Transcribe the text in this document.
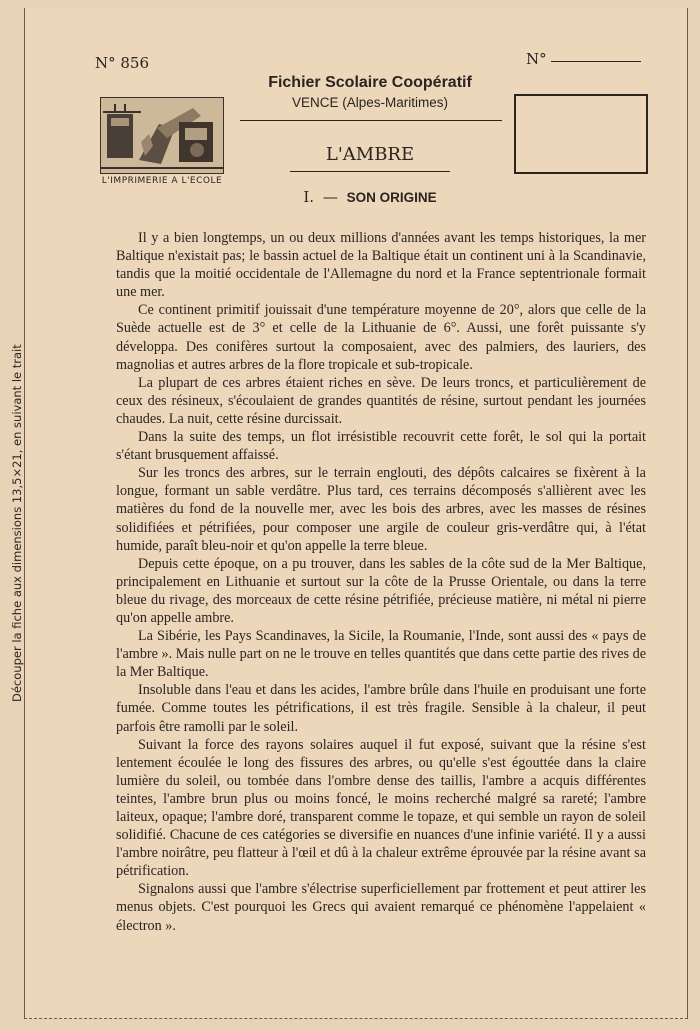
Découper la fiche aux dimensions 13,5×21, en suivant le trait
N° 856	N°
L'IMPRIMERIE A L'ECOLE
Fichier Scolaire Coopératif
VENCE (Alpes-Maritimes)
L'AMBRE
I. — SON ORIGINE

Il y a bien longtemps, un ou deux millions d'années avant les temps historiques, la mer Baltique n'existait pas; le bassin actuel de la Baltique était un continent uni à la Scandinavie, tandis que la moitié occidentale de l'Allemagne du nord et la France septentrionale formait une mer.

Ce continent primitif jouissait d'une température moyenne de 20°, alors que celle de la Suède actuelle est de 3° et celle de la Lithuanie de 6°. Aussi, une forêt puissante s'y développa. Des conifères surtout la composaient, avec des palmiers, des lauriers, des magnolias et autres arbres de la flore tropicale et sub-tropicale.

La plupart de ces arbres étaient riches en sève. De leurs troncs, et particulièrement de ceux des résineux, s'écoulaient de grandes quantités de résine, surtout pendant les journées chaudes. La nuit, cette résine durcissait.

Dans la suite des temps, un flot irrésistible recouvrit cette forêt, le sol qui la portait s'étant brusquement affaissé.

Sur les troncs des arbres, sur le terrain englouti, des dépôts calcaires se fixèrent à la longue, formant un sable verdâtre. Plus tard, ces terrains décomposés s'allièrent avec les matières du fond de la nouvelle mer, avec les bois des arbres, avec les masses de résines solidifiées et pétrifiées, pour composer une argile de couleur gris-verdâtre qui, à l'état humide, paraît bleu-noir et qu'on appelle la terre bleue.

Depuis cette époque, on a pu trouver, dans les sables de la côte sud de la Mer Baltique, principalement en Lithuanie et surtout sur la côte de la Prusse Orientale, ou dans la terre bleue du rivage, des morceaux de cette résine pétrifiée, précieuse matière, ni métal ni pierre qu'on appelle ambre.

La Sibérie, les Pays Scandinaves, la Sicile, la Roumanie, l'Inde, sont aussi des « pays de l'ambre ». Mais nulle part on ne le trouve en telles quantités que dans cette partie des rives de la Mer Baltique.

Insoluble dans l'eau et dans les acides, l'ambre brûle dans l'huile en produisant une forte fumée. Comme toutes les pétrifications, il est très fragile. Sensible à la chaleur, il peut parfois être ramolli par le soleil.

Suivant la force des rayons solaires auquel il fut exposé, suivant que la résine s'est lentement écoulée le long des fissures des arbres, ou qu'elle s'est égouttée dans la claire lumière du soleil, ou tombée dans l'ombre dense des taillis, l'ambre a acquis différentes teintes, l'ambre brun plus ou moins foncé, le moins recherché malgré sa rareté; l'ambre laiteux, opaque; l'ambre doré, transparent comme le topaze, et qui semble un rayon de soleil solidifié. Chacune de ces catégories se diversifie en nuances d'une infinie variété. Il y a aussi l'ambre noirâtre, peu flatteur à l'œil et dû à la chaleur extrême éprouvée par la résine avant sa pétrification.

Signalons aussi que l'ambre s'électrise superficiellement par frottement et peut attirer les menus objets. C'est pourquoi les Grecs qui avaient remarqué ce phénomène l'appelaient « électron ».
